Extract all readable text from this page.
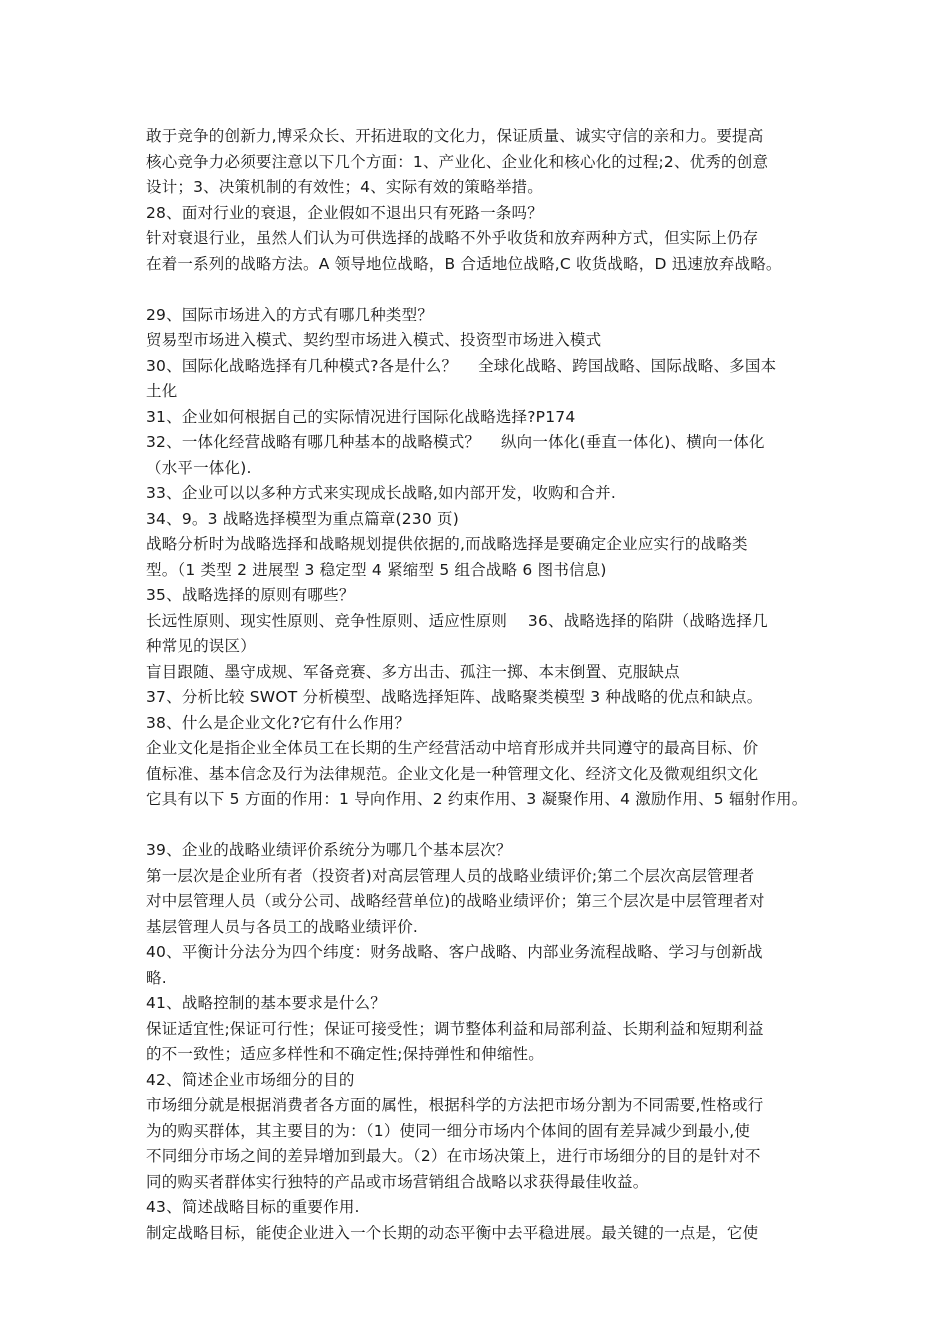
敢于竞争的创新力,博采众长、开拓进取的文化力，保证质量、诚实守信的亲和力。要提高
核心竞争力必须要注意以下几个方面：1、产业化、企业化和核心化的过程;2、优秀的创意
设计；3、决策机制的有效性；4、实际有效的策略举措。
28、面对行业的衰退，企业假如不退出只有死路一条吗？
针对衰退行业，虽然人们认为可供选择的战略不外乎收货和放弃两种方式，但实际上仍存
在着一系列的战略方法。A 领导地位战略，B 合适地位战略,C 收货战略，D 迅速放弃战略。
29、国际市场进入的方式有哪几种类型？
贸易型市场进入模式、契约型市场进入模式、投资型市场进入模式
30、国际化战略选择有几种模式?各是什么？　 全球化战略、跨国战略、国际战略、多国本
土化
31、企业如何根据自己的实际情况进行国际化战略选择?P174
32、一体化经营战略有哪几种基本的战略模式？　 纵向一体化(垂直一体化)、横向一体化
（水平一体化).
33、企业可以以多种方式来实现成长战略,如内部开发，收购和合并.
34、9。3 战略选择模型为重点篇章(230 页)
战略分析时为战略选择和战略规划提供依据的,而战略选择是要确定企业应实行的战略类
型。（1 类型 2 进展型 3 稳定型 4 紧缩型 5 组合战略 6 图书信息)
35、战略选择的原则有哪些？
长远性原则、现实性原则、竞争性原则、适应性原则　 36、战略选择的陷阱（战略选择几
种常见的误区）
盲目跟随、墨守成规、军备竞赛、多方出击、孤注一掷、本末倒置、克服缺点
37、分析比较 SWOT 分析模型、战略选择矩阵、战略聚类模型 3 种战略的优点和缺点。
38、什么是企业文化?它有什么作用？
企业文化是指企业全体员工在长期的生产经营活动中培育形成并共同遵守的最高目标、价
值标准、基本信念及行为法律规范。企业文化是一种管理文化、经济文化及微观组织文化
它具有以下 5 方面的作用：1 导向作用、2 约束作用、3 凝聚作用、4 激励作用、5 辐射作用。
39、企业的战略业绩评价系统分为哪几个基本层次？
第一层次是企业所有者（投资者)对高层管理人员的战略业绩评价;第二个层次高层管理者
对中层管理人员（或分公司、战略经营单位)的战略业绩评价；第三个层次是中层管理者对
基层管理人员与各员工的战略业绩评价.
40、平衡计分法分为四个纬度：财务战略、客户战略、内部业务流程战略、学习与创新战
略.
41、战略控制的基本要求是什么？
保证适宜性;保证可行性；保证可接受性；调节整体利益和局部利益、长期利益和短期利益
的不一致性；适应多样性和不确定性;保持弹性和伸缩性。
42、简述企业市场细分的目的
市场细分就是根据消费者各方面的属性，根据科学的方法把市场分割为不同需要,性格或行
为的购买群体，其主要目的为：（1）使同一细分市场内个体间的固有差异减少到最小,使
不同细分市场之间的差异增加到最大。（2）在市场决策上，进行市场细分的目的是针对不
同的购买者群体实行独特的产品或市场营销组合战略以求获得最佳收益。
43、简述战略目标的重要作用.
制定战略目标，能使企业进入一个长期的动态平衡中去平稳进展。最关键的一点是，它使
